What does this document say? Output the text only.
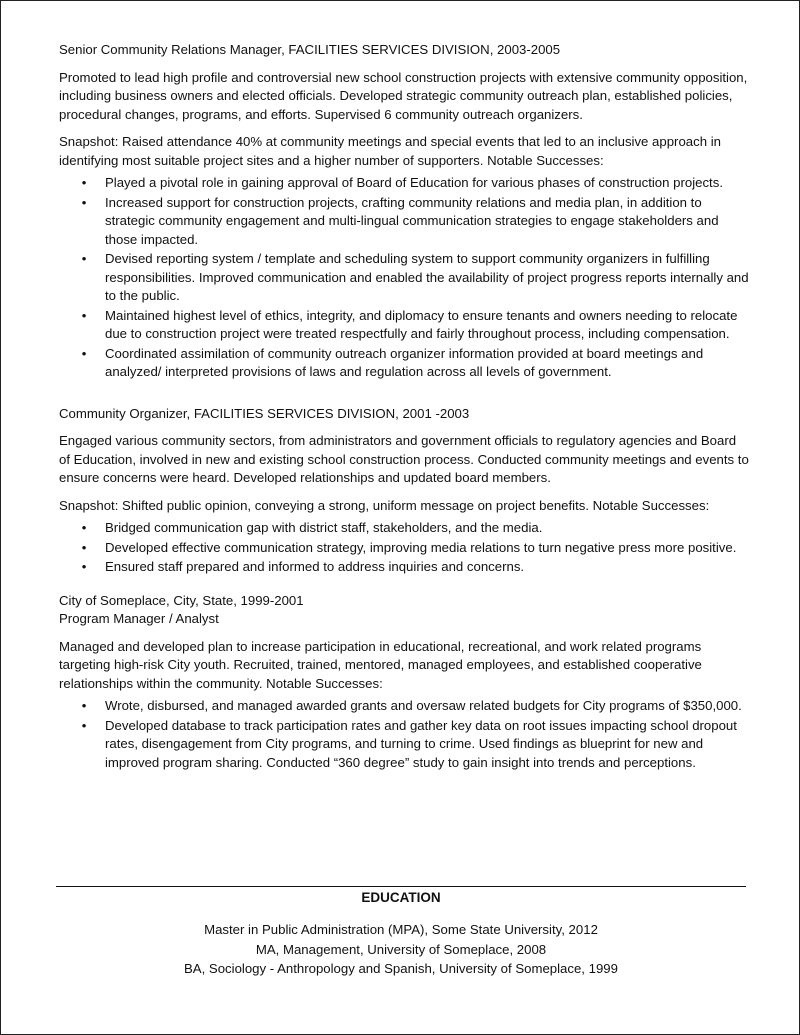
Senior Community Relations Manager, FACILITIES SERVICES DIVISION, 2003-2005

Promoted to lead high profile and controversial new school construction projects with extensive community opposition, including business owners and elected officials. Developed strategic community outreach plan, established policies, procedural changes, programs, and efforts. Supervised 6 community outreach organizers.

Snapshot: Raised attendance 40% at community meetings and special events that led to an inclusive approach in identifying most suitable project sites and a higher number of supporters. Notable Successes:

• Played a pivotal role in gaining approval of Board of Education for various phases of construction projects.
• Increased support for construction projects, crafting community relations and media plan, in addition to strategic community engagement and multi-lingual communication strategies to engage stakeholders and those impacted.
• Devised reporting system / template and scheduling system to support community organizers in fulfilling responsibilities. Improved communication and enabled the availability of project progress reports internally and to the public.
• Maintained highest level of ethics, integrity, and diplomacy to ensure tenants and owners needing to relocate due to construction project were treated respectfully and fairly throughout process, including compensation.
• Coordinated assimilation of community outreach organizer information provided at board meetings and analyzed/ interpreted provisions of laws and regulation across all levels of government.

Community Organizer, FACILITIES SERVICES DIVISION, 2001 -2003

Engaged various community sectors, from administrators and government officials to regulatory agencies and Board of Education, involved in new and existing school construction process. Conducted community meetings and events to ensure concerns were heard. Developed relationships and updated board members.

Snapshot: Shifted public opinion, conveying a strong, uniform message on project benefits. Notable Successes:

• Bridged communication gap with district staff, stakeholders, and the media.
• Developed effective communication strategy, improving media relations to turn negative press more positive.
• Ensured staff prepared and informed to address inquiries and concerns.

City of Someplace, City, State, 1999-2001

Program Manager / Analyst

Managed and developed plan to increase participation in educational, recreational, and work related programs targeting high-risk City youth. Recruited, trained, mentored, managed employees, and established cooperative relationships within the community. Notable Successes:

• Wrote, disbursed, and managed awarded grants and oversaw related budgets for City programs of $350,000.
• Developed database to track participation rates and gather key data on root issues impacting school dropout rates, disengagement from City programs, and turning to crime. Used findings as blueprint for new and improved program sharing. Conducted “360 degree” study to gain insight into trends and perceptions.
EDUCATION
Master in Public Administration (MPA), Some State University, 2012
MA, Management, University of Someplace, 2008
BA, Sociology - Anthropology and Spanish, University of Someplace, 1999
